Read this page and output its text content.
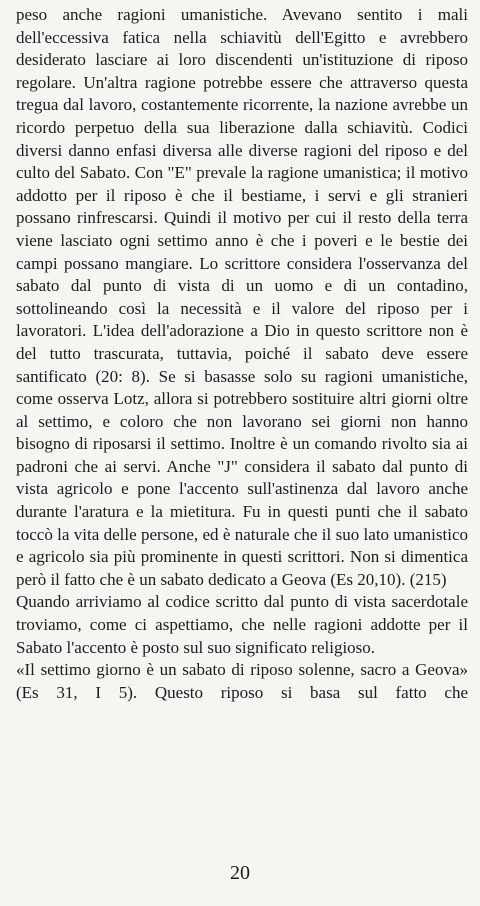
peso anche ragioni umanistiche. Avevano sentito i mali dell'eccessiva fatica nella schiavitù dell'Egitto e avrebbero desiderato lasciare ai loro discendenti un'istituzione di riposo regolare. Un'altra ragione potrebbe essere che attraverso questa tregua dal lavoro, costantemente ricorrente, la nazione avrebbe un ricordo perpetuo della sua liberazione dalla schiavitù. Codici diversi danno enfasi diversa alle diverse ragioni del riposo e del culto del Sabato. Con "E" prevale la ragione umanistica; il motivo addotto per il riposo è che il bestiame, i servi e gli stranieri possano rinfrescarsi. Quindi il motivo per cui il resto della terra viene lasciato ogni settimo anno è che i poveri e le bestie dei campi possano mangiare. Lo scrittore considera l'osservanza del sabato dal punto di vista di un uomo e di un contadino, sottolineando così la necessità e il valore del riposo per i lavoratori. L'idea dell'adorazione a Dio in questo scrittore non è del tutto trascurata, tuttavia, poiché il sabato deve essere santificato (20: 8). Se si basasse solo su ragioni umanistiche, come osserva Lotz, allora si potrebbero sostituire altri giorni oltre al settimo, e coloro che non lavorano sei giorni non hanno bisogno di riposarsi il settimo. Inoltre è un comando rivolto sia ai padroni che ai servi. Anche "J" considera il sabato dal punto di vista agricolo e pone l'accento sull'astinenza dal lavoro anche durante l'aratura e la mietitura. Fu in questi punti che il sabato toccò la vita delle persone, ed è naturale che il suo lato umanistico e agricolo sia più prominente in questi scrittori. Non si dimentica però il fatto che è un sabato dedicato a Geova (Es 20,10). (215)

Quando arriviamo al codice scritto dal punto di vista sacerdotale troviamo, come ci aspettiamo, che nelle ragioni addotte per il Sabato l'accento è posto sul suo significato religioso.

«Il settimo giorno è un sabato di riposo solenne, sacro a Geova» (Es 31, I 5). Questo riposo si basa sul fatto che

20
